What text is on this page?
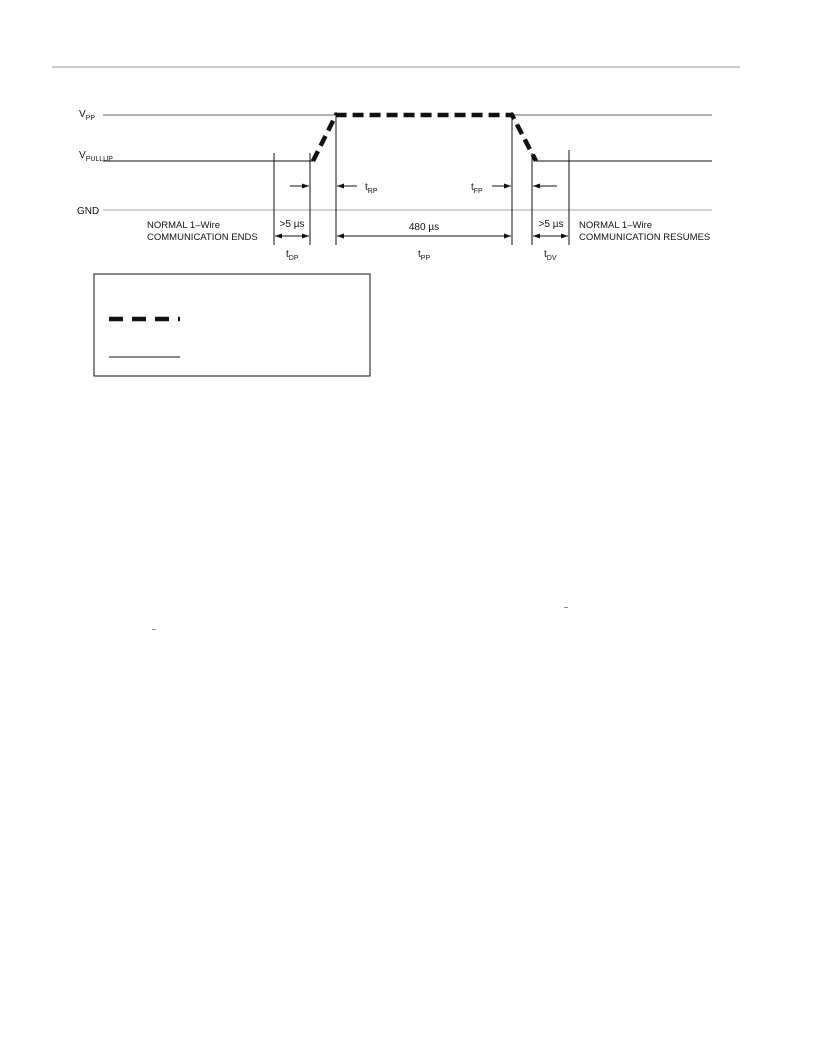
$V_{PP}$
$V_{PULLUP}$
GND
$t_{RP}$	$t_{FP}$
>5 µs	480 µs	>5 µs
$t_{DP}$	$t_{PP}$	$t_{DV}$
NORMAL 1–Wire
COMMUNICATION ENDS
NORMAL 1–Wire
COMMUNICATION RESUMES
–
–
